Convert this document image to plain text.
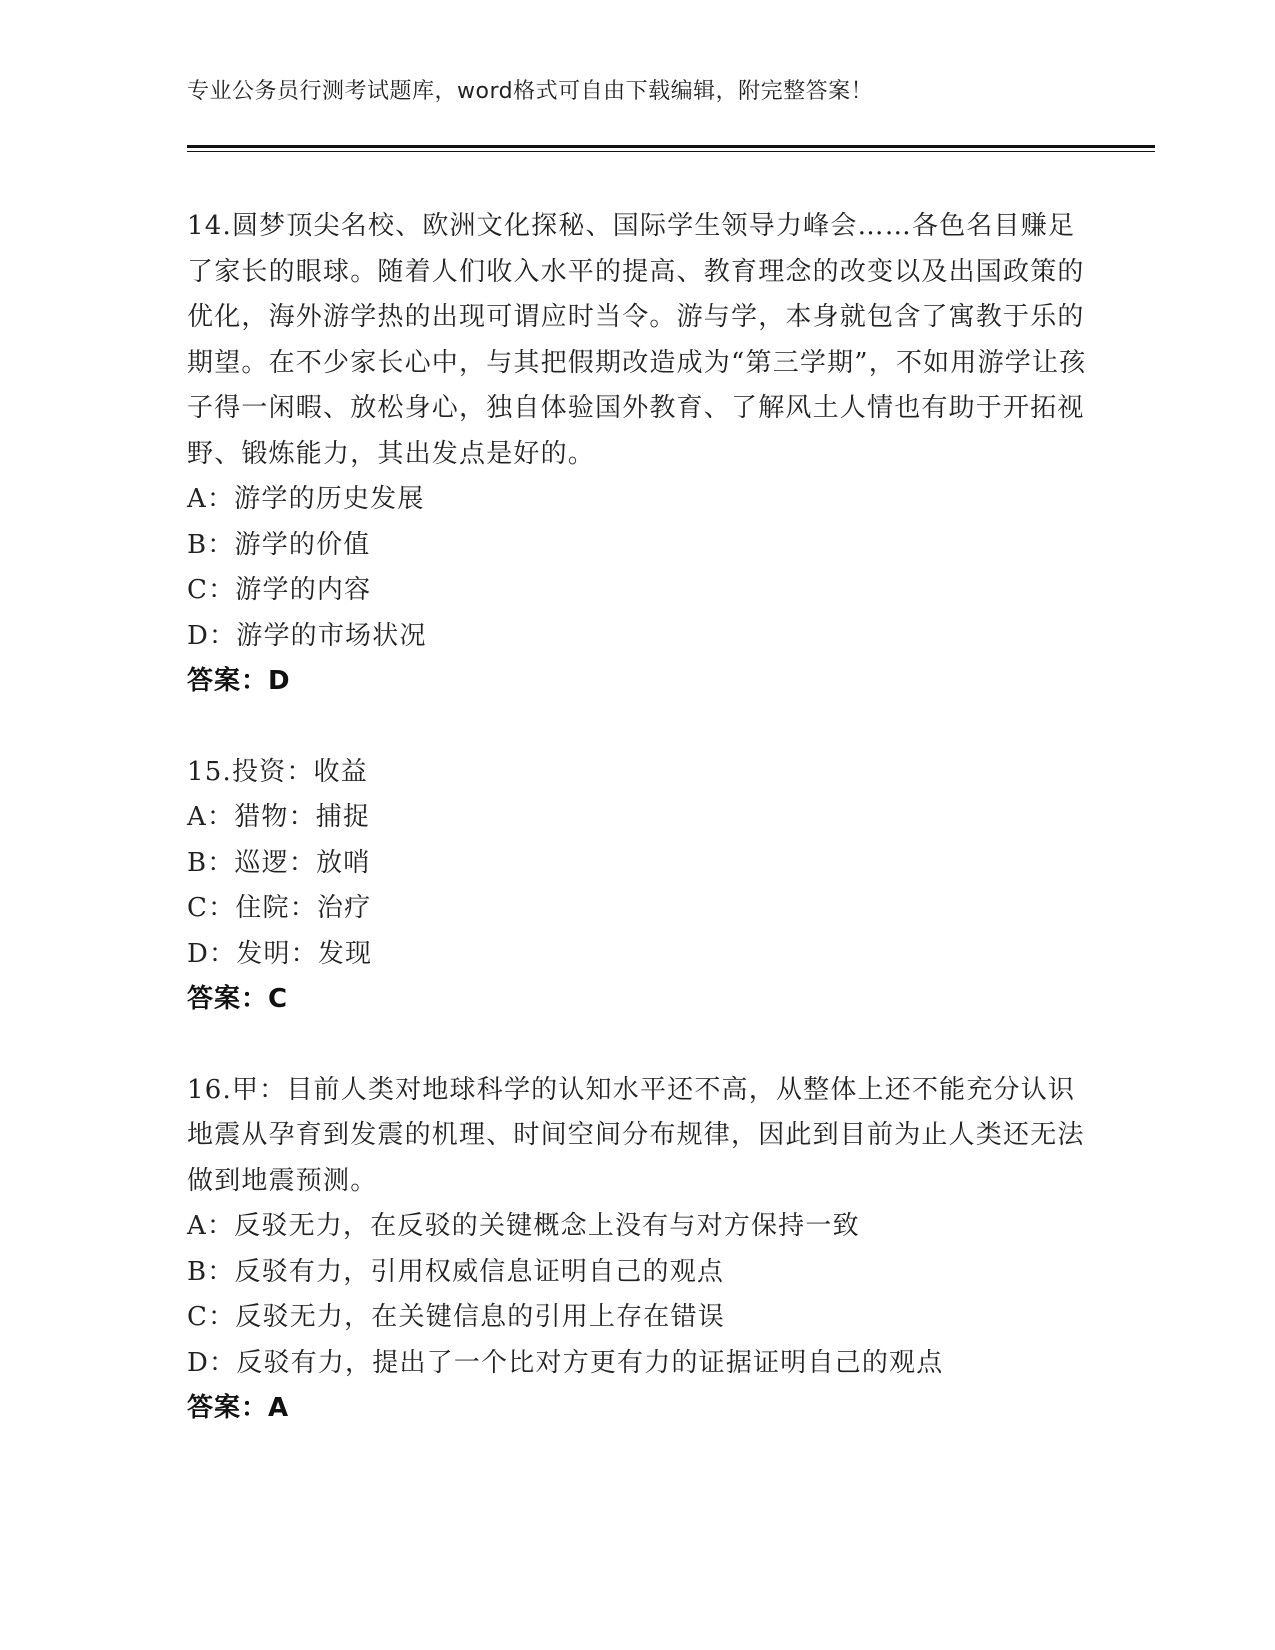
专业公务员行测考试题库，word格式可自由下载编辑，附完整答案！

14.圆梦顶尖名校、欧洲文化探秘、国际学生领导力峰会……各色名目赚足了家长的眼球。随着人们收入水平的提高、教育理念的改变以及出国政策的优化，海外游学热的出现可谓应时当令。游与学，本身就包含了寓教于乐的期望。在不少家长心中，与其把假期改造成为“第三学期”，不如用游学让孩子得一闲暇、放松身心，独自体验国外教育、了解风土人情也有助于开拓视野、锻炼能力，其出发点是好的。

A：游学的历史发展

B：游学的价值

C：游学的内容

D：游学的市场状况

答案：D

15.投资：收益

A：猎物：捕捉

B：巡逻：放哨

C：住院：治疗

D：发明：发现

答案：C

16.甲：目前人类对地球科学的认知水平还不高，从整体上还不能充分认识地震从孕育到发震的机理、时间空间分布规律，因此到目前为止人类还无法做到地震预测。

A：反驳无力，在反驳的关键概念上没有与对方保持一致

B：反驳有力，引用权威信息证明自己的观点

C：反驳无力，在关键信息的引用上存在错误

D：反驳有力，提出了一个比对方更有力的证据证明自己的观点

答案：A
